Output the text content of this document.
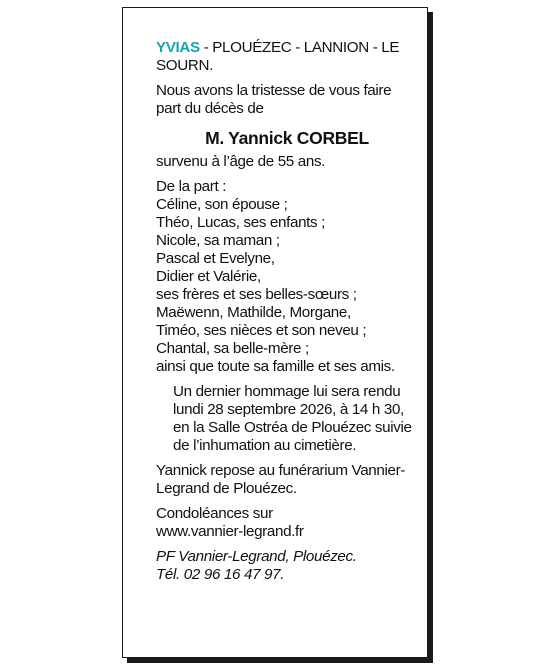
YVIAS - PLOUÉZEC - LANNION - LE SOURN.

Nous avons la tristesse de vous faire part du décès de

M. Yannick CORBEL

survenu à l’âge de 55 ans.

De la part :
Céline, son épouse ;
Théo, Lucas, ses enfants ;
Nicole, sa maman ;
Pascal et Evelyne,
Didier et Valérie,
ses frères et ses belles-sœurs ;
Maëwenn, Mathilde, Morgane,
Timéo, ses nièces et son neveu ;
Chantal, sa belle-mère ;
ainsi que toute sa famille et ses amis.

Un dernier hommage lui sera rendu lundi 28 septembre 2026, à 14 h 30, en la Salle Ostréa de Plouézec suivie de l’inhumation au cimetière.

Yannick repose au funérarium Vannier-Legrand de Plouézec.

Condoléances sur
www.vannier-legrand.fr
PF Vannier-Legrand, Plouézec.
Tél. 02 96 16 47 97.
